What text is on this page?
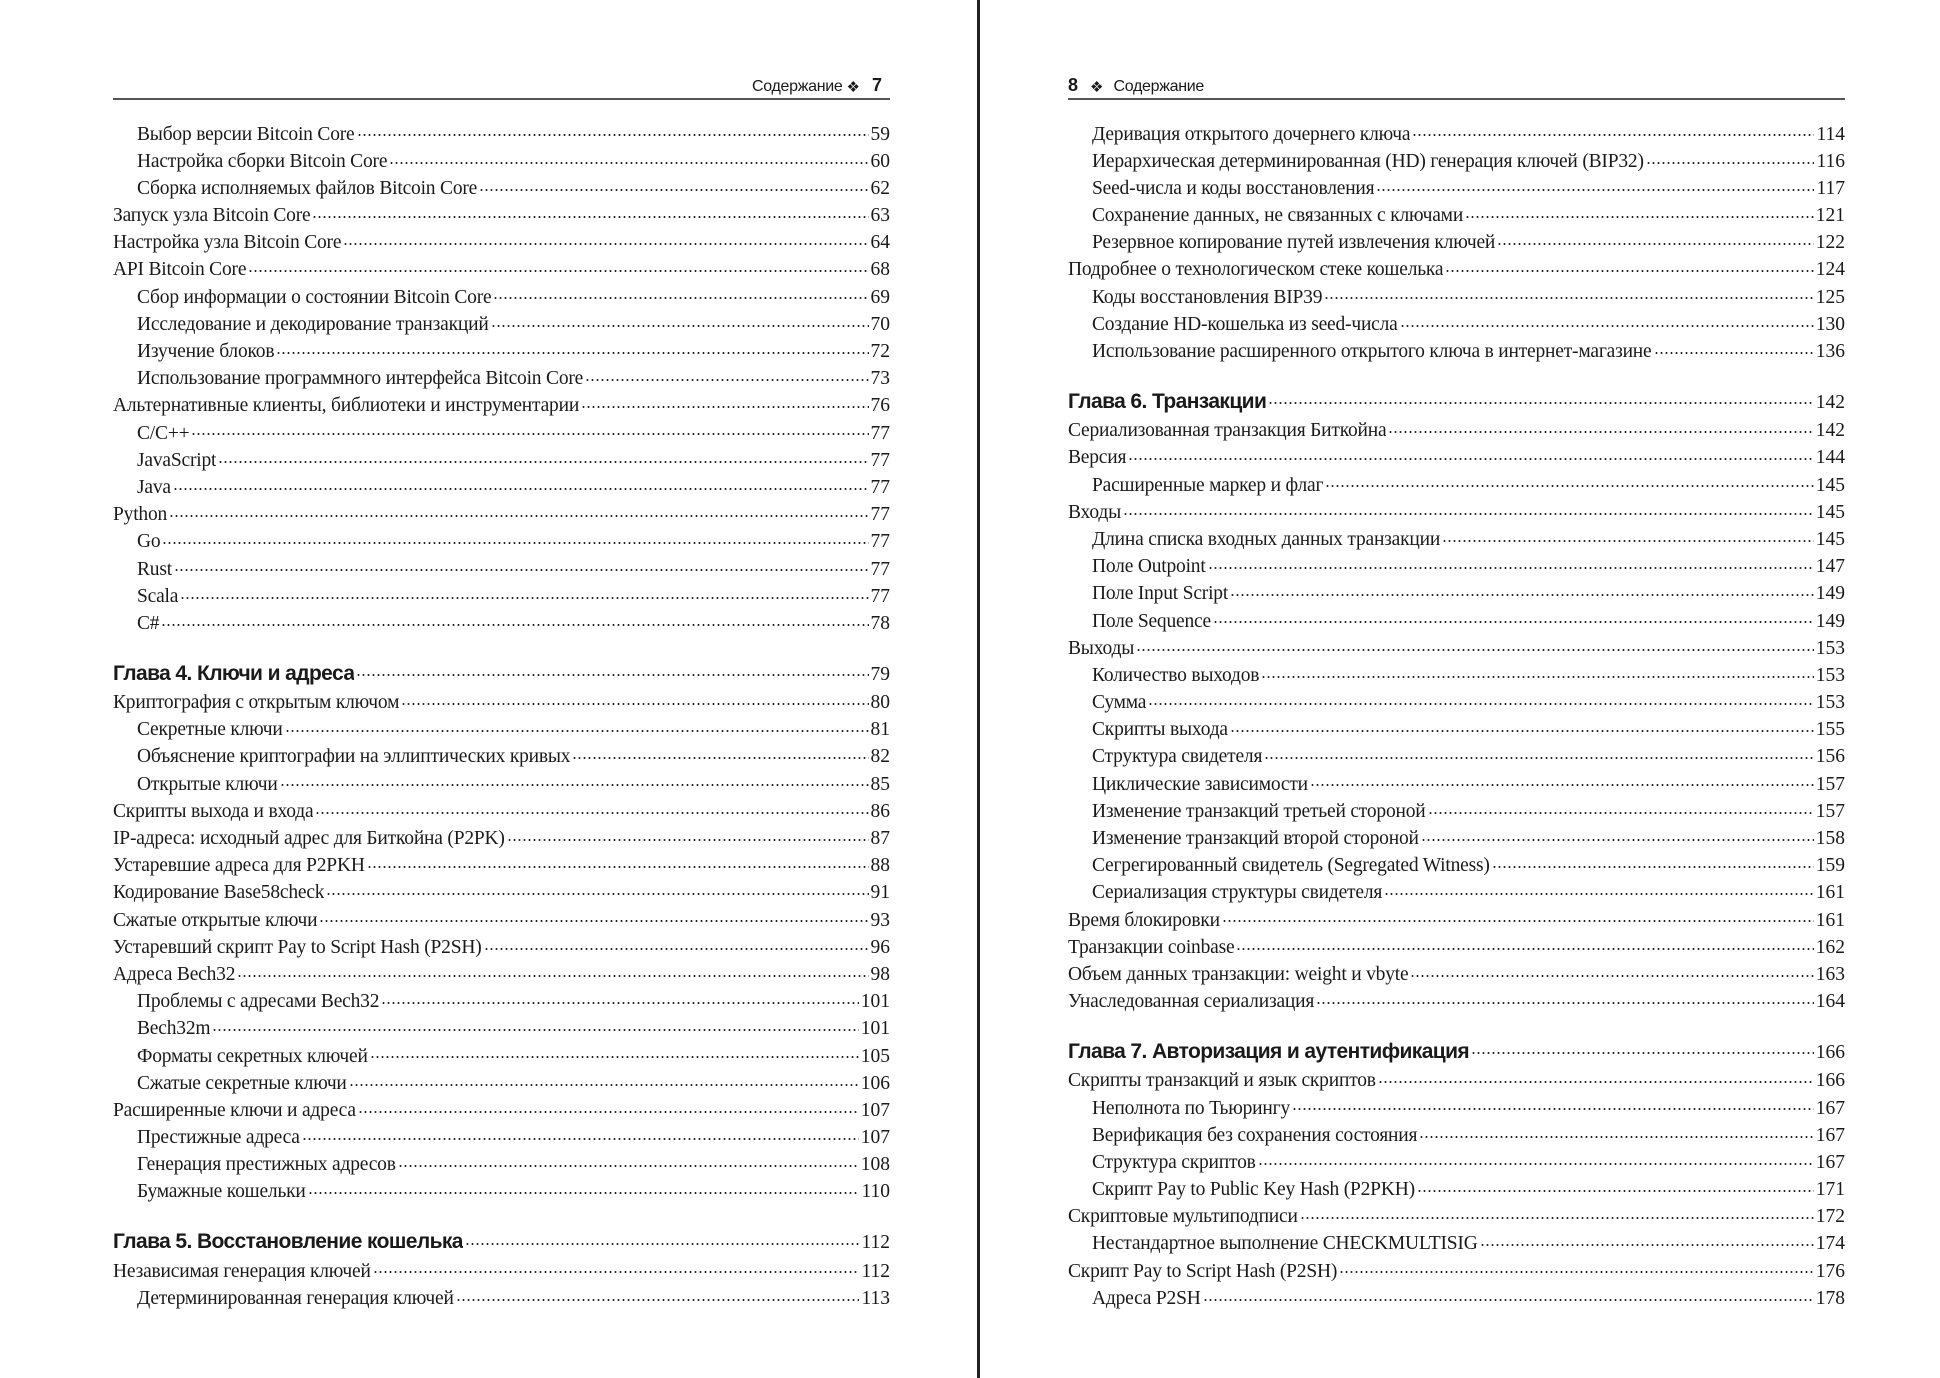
Содержание ❖ 7
Выбор версии Bitcoin Core	59
Настройка сборки Bitcoin Core	60
Сборка исполняемых файлов Bitcoin Core	62
Запуск узла Bitcoin Core	63
Настройка узла Bitcoin Core	64
API Bitcoin Core	68
Сбор информации о состоянии Bitcoin Core	69
Исследование и декодирование транзакций	70
Изучение блоков	72
Использование программного интерфейса Bitcoin Core	73
Альтернативные клиенты, библиотеки и инструментарии	76
C/C++	77
JavaScript	77
Java	77
Python	77
Go	77
Rust	77
Scala	77
C#	78
Глава 4. Ключи и адреса	79
Криптография с открытым ключом	80
Секретные ключи	81
Объяснение криптографии на эллиптических кривых	82
Открытые ключи	85
Скрипты выхода и входа	86
IP-адреса: исходный адрес для Биткойна (P2PK)	87
Устаревшие адреса для P2PKH	88
Кодирование Base58check	91
Сжатые открытые ключи	93
Устаревший скрипт Pay to Script Hash (P2SH)	96
Адреса Bech32	98
Проблемы с адресами Bech32	101
Bech32m	101
Форматы секретных ключей	105
Сжатые секретные ключи	106
Расширенные ключи и адреса	107
Престижные адреса	107
Генерация престижных адресов	108
Бумажные кошельки	110
Глава 5. Восстановление кошелька	112
Независимая генерация ключей	112
Детерминированная генерация ключей	113
8 ❖ Содержание
Деривация открытого дочернего ключа	114
Иерархическая детерминированная (HD) генерация ключей (BIP32)	116
Seed-числа и коды восстановления	117
Сохранение данных, не связанных с ключами	121
Резервное копирование путей извлечения ключей	122
Подробнее о технологическом стеке кошелька	124
Коды восстановления BIP39	125
Создание HD-кошелька из seed-числа	130
Использование расширенного открытого ключа в интернет-магазине	136
Глава 6. Транзакции	142
Сериализованная транзакция Биткойна	142
Версия	144
Расширенные маркер и флаг	145
Входы	145
Длина списка входных данных транзакции	145
Поле Outpoint	147
Поле Input Script	149
Поле Sequence	149
Выходы	153
Количество выходов	153
Сумма	153
Скрипты выхода	155
Структура свидетеля	156
Циклические зависимости	157
Изменение транзакций третьей стороной	157
Изменение транзакций второй стороной	158
Сегрегированный свидетель (Segregated Witness)	159
Сериализация структуры свидетеля	161
Время блокировки	161
Транзакции coinbase	162
Объем данных транзакции: weight и vbyte	163
Унаследованная сериализация	164
Глава 7. Авторизация и аутентификация	166
Скрипты транзакций и язык скриптов	166
Неполнота по Тьюрингу	167
Верификация без сохранения состояния	167
Структура скриптов	167
Скрипт Pay to Public Key Hash (P2PKH)	171
Скриптовые мультиподписи	172
Нестандартное выполнение CHECKMULTISIG	174
Скрипт Pay to Script Hash (P2SH)	176
Адреса P2SH	178
